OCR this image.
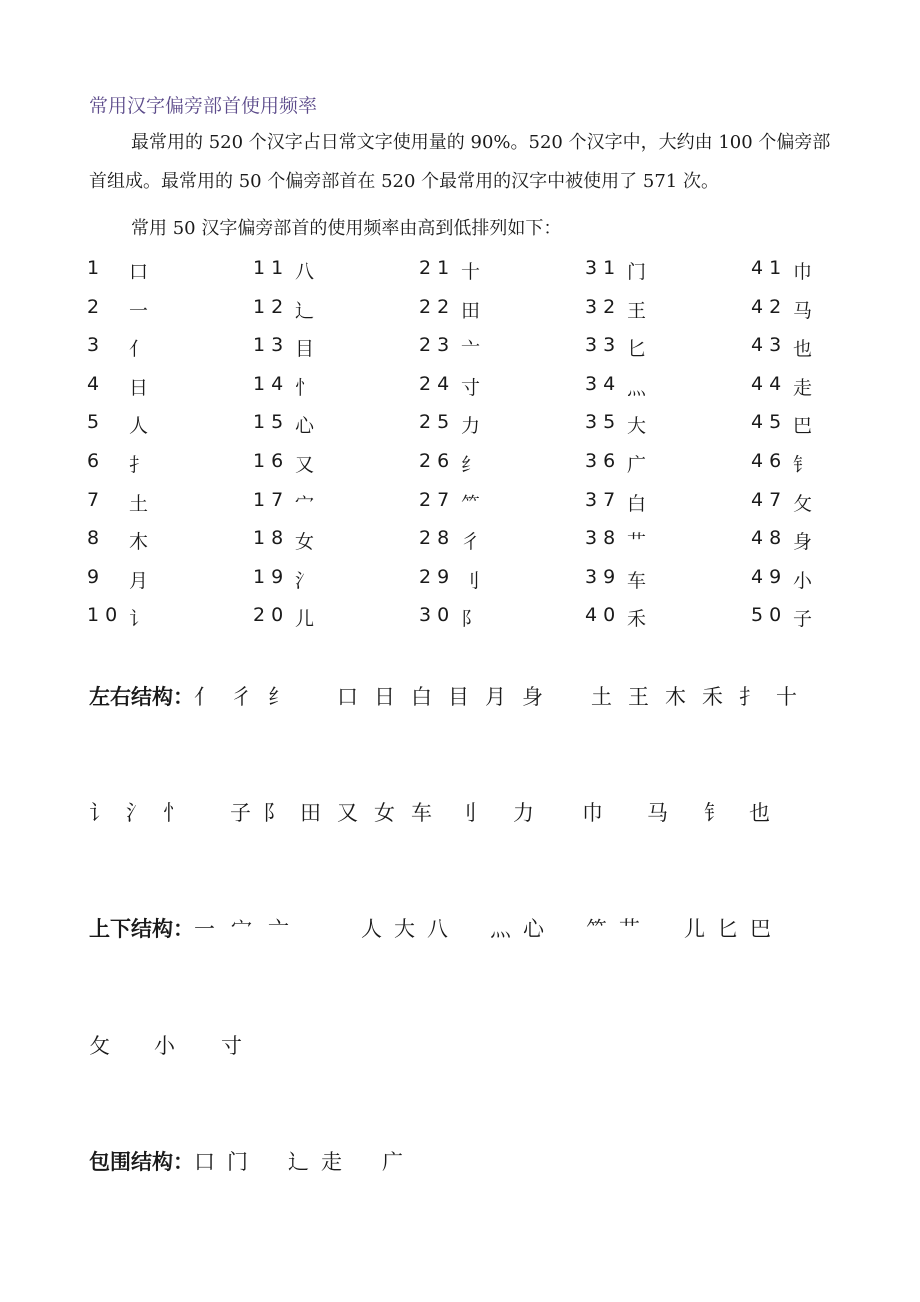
常用汉字偏旁部首使用频率
最常用的 520 个汉字占日常文字使用量的 90%。520 个汉字中，大约由 100 个偏旁部首组成。最常用的 50 个偏旁部首在 520 个最常用的汉字中被使用了 571 次。
常用 50 汉字偏旁部首的使用频率由高到低排列如下：
1 口	11 八	21 十	31 门	41 巾
2 一	12 辶	22 田	32 王	42 马
3 亻	13 目	23 亠	33 匕	43 也
4 日	14 忄	24 寸	34 灬	44 走
5 人	15 心	25 力	35 大	45 巴
6 扌	16 又	26 纟	36 广	46 钅
7 土	17 宀	27 ⺮	37 白	47 攵
8 木	18 女	28 彳	38 艹	48 身
9 月	19 氵	29 刂	39 车	49 小
10 讠	20 儿	30 阝	40 禾	50 子
左右结构：亻 彳 纟 口 日 白 目 月 身 土 王 木 禾 扌 十
讠 氵 忄 子 阝 田 又 女 车 刂 力 巾 马 钅 也
上下结构：一 宀 亠	人 大 八 灬 心 ⺮ 艹 儿 匕 巴
攵 小 寸
包围结构：口 门 辶 走 广
